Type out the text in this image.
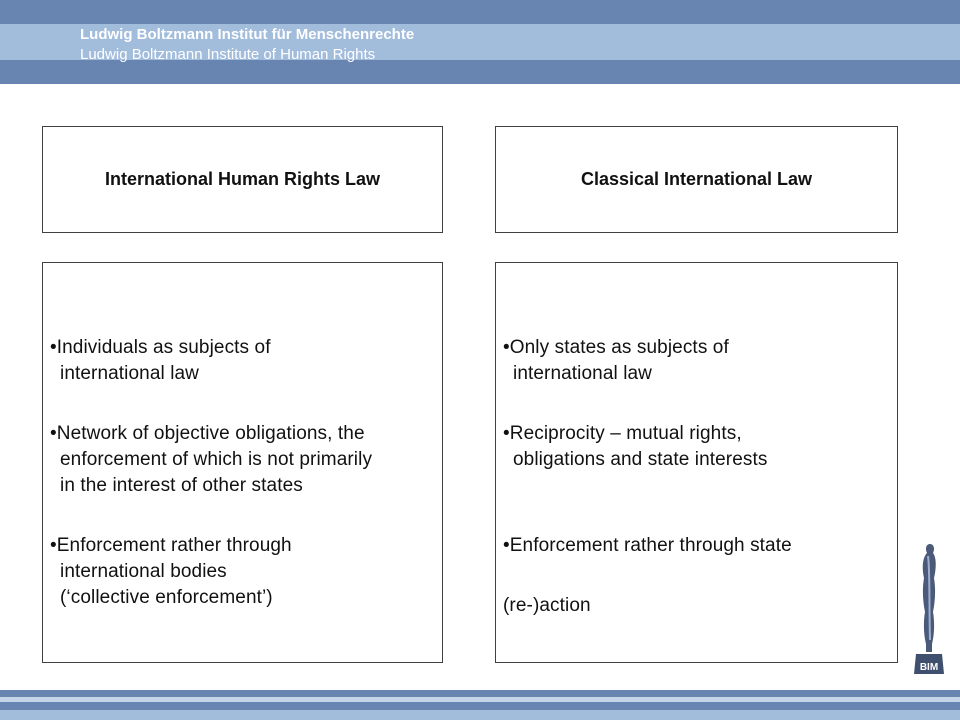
Ludwig Boltzmann Institut für Menschenrechte
Ludwig Boltzmann Institute of Human Rights
International Human Rights Law	Classical International Law
•Individuals as subjects of
international law
•Network of objective obligations, the
enforcement of which is not primarily
in the interest of other states
•Enforcement rather through
international bodies
(‘collective enforcement’)
•Only states as subjects of
international law
•Reciprocity – mutual rights,
obligations and state interests
•Enforcement rather through state
(re-)action
BIM
